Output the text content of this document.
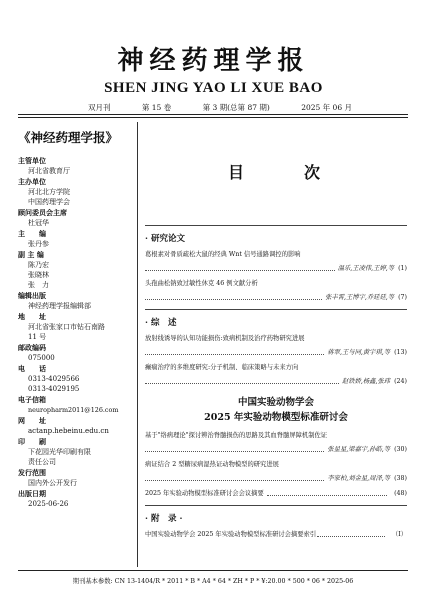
神经药理学报
SHEN JING YAO LI XUE BAO
双月刊	第 15 卷	第 3 期(总第 87 期)	2025 年 06 月
《神经药理学报》
主管单位
河北省教育厅
主办单位
河北北方学院
中国药理学会
顾问委员会主席
杜冠华
主　　编
张丹参
副 主 编
陈乃宏
张晓林
张　力
编辑出版
神经药理学报编辑部
地　　址
河北省张家口市钻石南路
11 号
邮政编码
075000
电　　话
0313-4029566
0313-4029195
电子信箱
neuropharm2011@126.com
网　　址
actanp.hebeinu.edu.cn
印　　刷
下花园光华印刷有限
责任公司
发行范围
国内外公开发行
出版日期
2025-06-26
目　次
· 研究论文
葛根素对骨质疏松大鼠的经典 Wnt 信号通路调控的影响
温乐,王凌伟,王婷,等 (1)
头孢曲松钠致过敏性休克 46 例文献分析
张丰霄,王博宇,乔廷廷,等 (7)
· 综　述
放射线诱导的认知功能损伤:致病机制及治疗药物研究进展
蒋翠,王与同,黄宇琪,等 (13)
癫痫治疗的多维度研究:分子机制、临床策略与未来方向
赵铁娇,杨鑫,张玮 (24)
中国实验动物学会
2025 年实验动物模型标准研讨会
基于"络病理论"探讨辨治脊髓损伤的思路及其血脊髓屏障机制佐证
张星星,梁嘉宇,孙皓,等 (30)
病证结合 2 型糖尿病湿热证动物模型的研究进展
李家柏,刘金星,周泽,等 (38)
2025 年实验动物模型标准研讨会会议摘要	(48)
· 附　录 ·
中国实验动物学会 2025 年实验动物模型标准研讨会摘要索引	（Ⅰ）
期刊基本参数: CN 13-1404/R * 2011 * B * A4 * 64 * ZH * P * ¥:20.00 * 500 * 06 * 2025-06
